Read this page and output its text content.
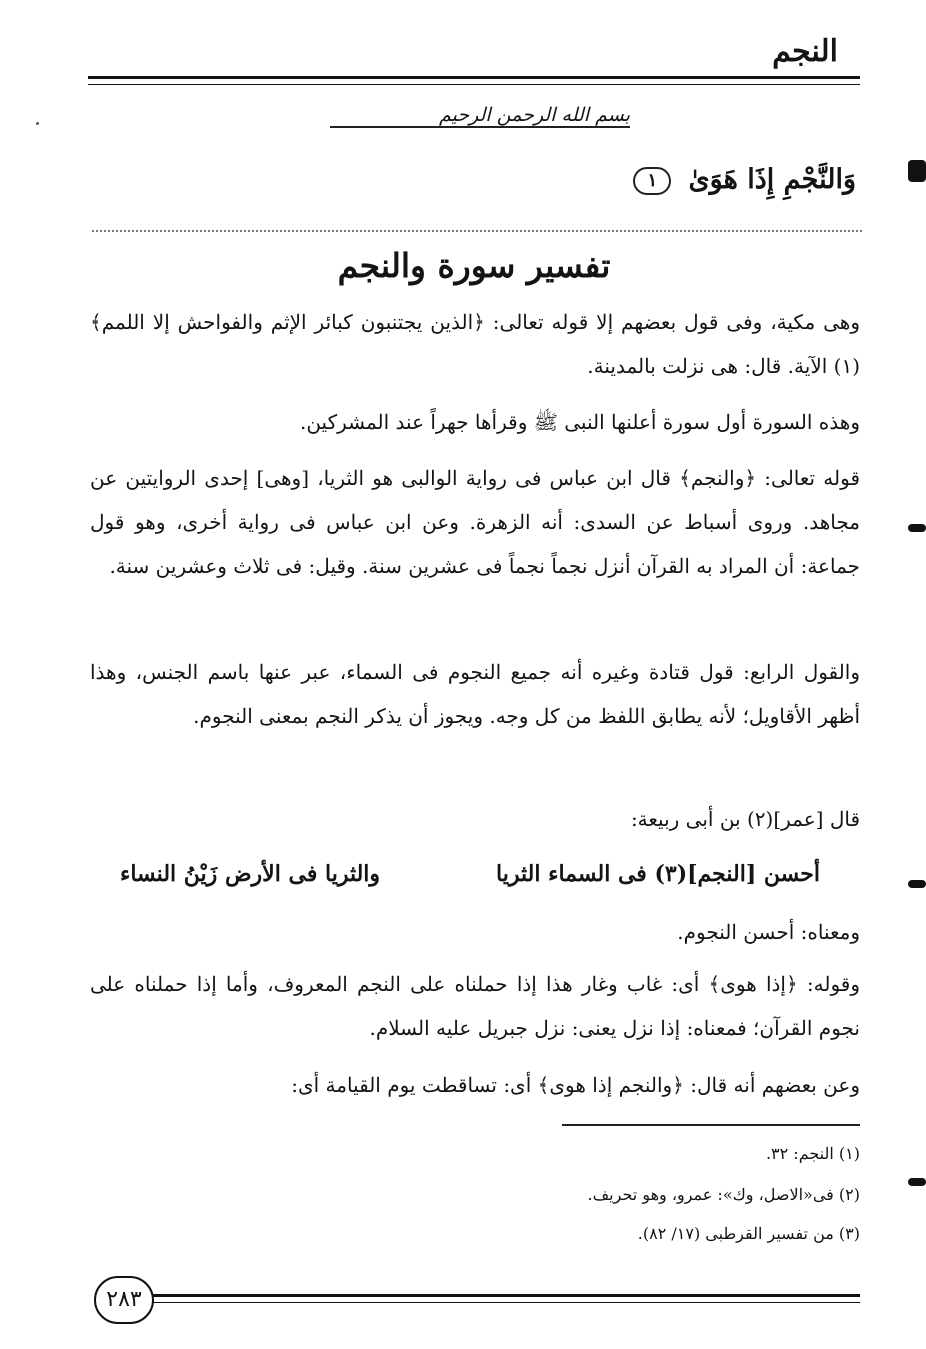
النجم
بسم الله الرحمن الرحيم
وَالنَّجْمِ إِذَا هَوَىٰ ١
تفسير سورة والنجم
وهى مكية، وفى قول بعضهم إلا قوله تعالى: ﴿الذين يجتنبون كبائر الإثم والفواحش إلا اللمم﴾(١) الآية. قال: هى نزلت بالمدينة.
وهذه السورة أول سورة أعلنها النبى ﷺ وقرأها جهراً عند المشركين.
قوله تعالى: ﴿والنجم﴾ قال ابن عباس فى رواية الوالبى هو الثريا، [وهى] إحدى الروايتين عن مجاهد. وروى أسباط عن السدى: أنه الزهرة. وعن ابن عباس فى رواية أخرى، وهو قول جماعة: أن المراد به القرآن أنزل نجماً نجماً فى عشرين سنة. وقيل: فى ثلاث وعشرين سنة.
والقول الرابع: قول قتادة وغيره أنه جميع النجوم فى السماء، عبر عنها باسم الجنس، وهذا أظهر الأقاويل؛ لأنه يطابق اللفظ من كل وجه. ويجوز أن يذكر النجم بمعنى النجوم.
قال [عمر](٢) بن أبى ربيعة:
أحسن [النجم](٣) فى السماء الثريا
والثريا فى الأرض زَيْنُ النساء
ومعناه: أحسن النجوم.
وقوله: ﴿إذا هوى﴾ أى: غاب وغار هذا إذا حملناه على النجم المعروف، وأما إذا حملناه على نجوم القرآن؛ فمعناه: إذا نزل يعنى: نزل جبريل عليه السلام.
وعن بعضهم أنه قال: ﴿والنجم إذا هوى﴾ أى: تساقطت يوم القيامة أى:
(١) النجم: ٣٢.
(٢) فى«الاصل، وك»: عمرو، وهو تحريف.
(٣) من تفسير القرطبى (١٧/ ٨٢).
٢٨٣
